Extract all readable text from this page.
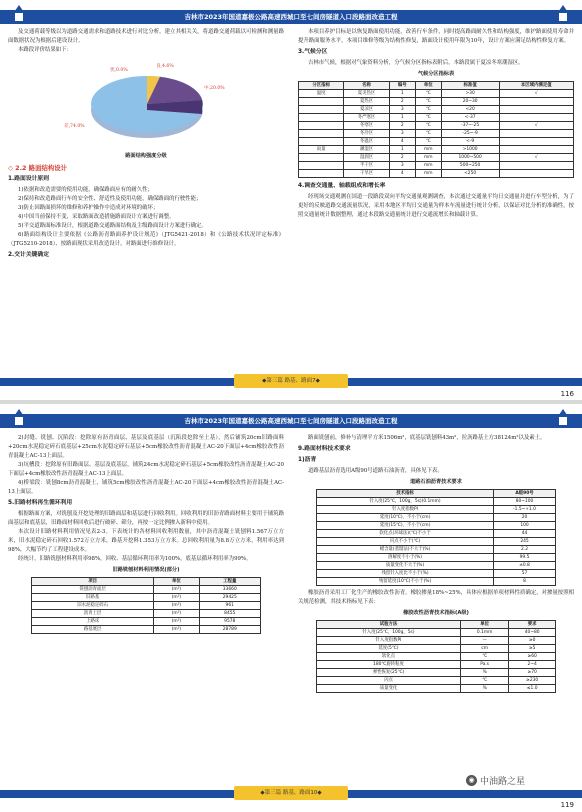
吉林市2023年国道嘉极公路高速西城口至七间房隧道入口段路面改造工程

及交通荷载等级以为道路交通需求和道路技术进行对比分析，建立其相关关，将道路交通荷载以可检测和测量路面数据状况为根据后建设设计。

本路段评价结果如下：

优,0.0%
良,4.6%
中,20.0%
差,74.0%
路面结构强度分级
◇ 2.2 路面结构设计
1.路面设计原则

1)依据和改造需要的使用功能，确保路面应有的耐久性；

2)保持和改造路面行车的安全性、舒适性及使用功能，确保路面的行驶性能；

3)防止因路面损坏的维修和养护操作中造成对环境的破坏；

4)中国当前保持不变，采取路面改造措施路面设计方案进行调整。

5)平交道路面标准设计，根据道路交通路面结构及主级路面设计方案进行确定。

6)路面结构设计主要依据《公路沥青路面养护设计规范》（JTG5421-2018）和《公路技术状况评定标准》（JTG5210-2018）、按路面现状采用改造设计，对路面进行维修设计。

2.交计关键确定

本项目养护目标是以恢复路面使用功能，改善行车条件，同时提高路面耐久性和结构强度，维护路面使用寿命并提升路面服务水平，本项目维修等级为结构性修复，路面设计使用年限为10年，设计方案应满足结构性修复方案。

3.气候分区

吉林市气候，根据对气象资料分析，分气候分区指标表附后。本路段属于夏凉冬寒潮湿区。

气候分区指标表
分区指标	名称	编号	单位	标准值	本区域内满足值
温度	夏炎热区	1	℃	>30	√
	夏热区	2	℃	20~30	
	夏凉区	3	℃	<20	
	冬严寒区	1	℃	<-37	
	冬寒区	2	℃	-37~-25	√
	冬冷区	3	℃	-25~-9	
	冬温区	4	℃	<-9	
雨量	潮湿区	1	mm	>1000	
	湿润区	2	mm	1000~500	√
	半干区	3	mm	500~250	
	干旱区	4	mm	<250	
4.调查交通量、轴载组成和增长率

经现场交通观测在国道一段路段双向平均交通量观测调查，本次通过交通量平均日交通量并进行车型分析，为了更好的反映道路交通流量状况，采用本地区平均日交通量为样本车流量进行统计分析，以保证对比分析的准确性，按照交通量统计数据整理，通过本段路交通量统计进行交通流增长和轴载计算。

◆第三篇 路基、路面7◆
116
吉林市2023年国道嘉极公路高速西城口至七间房隧道入口段路面改造工程

2)封缝、铣刨、沉陷段：挖除原有沥青面层、基层及底基层（沉陷段挖除至土基），然后铺筑20cm旧路面料+20cm水泥稳定碎石底基层+25cm水泥稳定碎石基层+5cm橡胶改性沥青混凝土AC-20下面层+4cm橡胶改性沥青混凝土AC-13上面层。

3)坑槽段：挖除原有旧路面层、基层及底基层，铺筑24cm水泥稳定碎石基层+5cm橡胶改性沥青混凝土AC-20下面层+4cm橡胶改性沥青混凝土AC-13上面层。

4)桥梁段：铣刨8cm沥青混凝土，铺筑5cm橡胶改性沥青混凝土AC-20下面层+4cm橡胶改性沥青混凝土AC-13上面层。

5.旧路材料再生循环利用

根据路面方案，对铣刨及开挖处理的旧路面层和基层进行回收利用。回收利用的旧沥青路面材料主要用于铺筑路面基层和底基层，旧路面材料回收后进行破碎、筛分，再按一定比例掺入新料中使用。

本次设计旧路材料利用情况见表2-3。下表统计的各材料回收利用数量，其中沥青混凝土铣刨料1.567万立方米，旧水泥稳定碎石回收1.572万立方米，路基开挖料1.353万立方米。总回收利用量为8.8万立方米，利用率达到98%，大幅节约了工程建设成本。

经统计，旧路铣刨材料利用率98%，回收、基层循环利用率为100%，底基层循环利用率为99%。

旧路铣刨材料利用情况(部分)
项目	单位	工程量
铣刨沥青面层	(m³)	33660
旧路基	(m³)	29425
旧水泥稳定碎石	(m³)	961
沥青上层	(m³)	8455
上路床	(m³)	9578
路基底层	(m³)	28789

路面铣刨前，修补与清理平方米1506m²，底基层铣刨料43m²，拉沥路基土方38124m²以及素土。

9.路面材料技术要求
1)沥青

道路基层沥青选用A级90号道路石油沥青，具体见下表。

道路石油沥青技术要求
技术指标	A级90号
针入度(25℃，100g，5s)(0.1mm)	80~100
针入度指数PI	-1.5~+1.0
延度(10℃)，不小于(cm)	20
延度(15℃)，不小于(cm)	100
软化点(环球法)(℃)不小于	44
闪点不小于(℃)	245
蜡含量(蒸馏法)不大于(%)	2.2
溶解度不小于(%)	99.5
质量变化不大于(%)	±0.8
残留针入度比不小于(%)	57
残留延度(10℃)不小于(%)	8

橡胶沥青采用工厂化生产的橡胶改性沥青，橡胶掺量18%~25%，具体应根据单项材料性质确定，对掺量按照相关规范检测，其技术指标见下表：

橡胶改性沥青技术指标(A级)
试验方法	单位	要求
针入度(25℃，100g，5s)	0.1mm	40~80
针入度指数PI	—	≥0
延度(5℃)	cm	≥5
软化点	℃	≥60
180℃旋转粘度	Pa.s	2~4
弹性恢复(25℃)	%	≥70
闪点	℃	≥230
质量变化	%	≤1.0
◆第三篇 路基、路面10◆
◉ 中油路之星
119
